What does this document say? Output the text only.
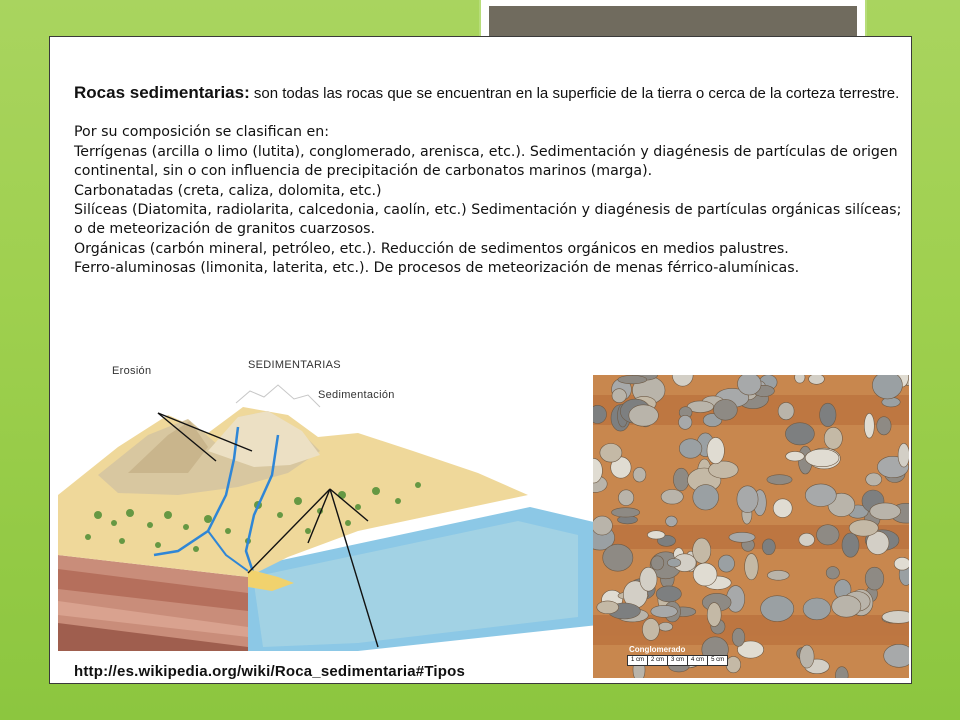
Rocas sedimentarias: son todas las rocas que se encuentran en la superficie de la tierra o cerca de la corteza terrestre.

Por su composición se clasifican en:

Terrígenas (arcilla o limo (lutita), conglomerado, arenisca, etc.). Sedimentación y diagénesis de partículas de origen continental, sin o con influencia de precipitación de carbonatos marinos (marga).

Carbonatadas (creta, caliza, dolomita, etc.)

Silíceas (Diatomita, radiolarita, calcedonia, caolín, etc.) Sedimentación y diagénesis de partículas orgánicas silíceas; o de meteorización de granitos cuarzosos.

Orgánicas (carbón mineral, petróleo, etc.). Reducción de sedimentos orgánicos en medios palustres.

Ferro-aluminosas (limonita, laterita, etc.). De procesos de meteorización de menas férrico-alumínicas.

Erosión	SEDIMENTARIAS
Sedimentación
Conglomerado
1 cm	2 cm	3 cm	4 cm	5 cm
http://es.wikipedia.org/wiki/Roca_sedimentaria#Tipos
